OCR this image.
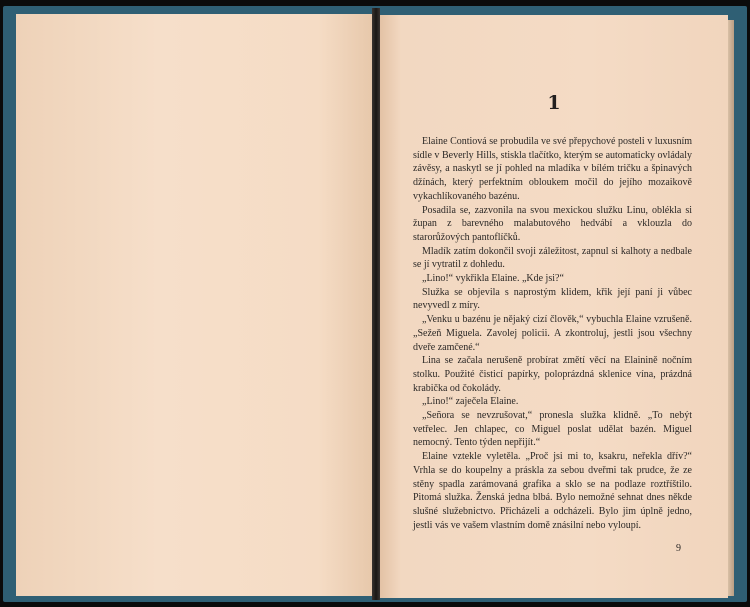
1

Elaine Contiová se probudila ve své přepychové posteli v luxusním sídle v Beverly Hills, stiskla tlačítko, kterým se automaticky ovládaly závěsy, a naskytl se jí pohled na mladíka v bílém tričku a špinavých džínách, který perfektním obloukem močil do jejího mozaikově vykachlíkovaného bazénu.

Posadila se, zazvonila na svou mexickou služku Linu, oblékla si župan z barevného malabutového hedvábí a vklouzla do starorůžových pantoflíčků.

Mladík zatím dokončil svoji záležitost, zapnul si kalhoty a nedbale se jí vytratil z dohledu.

„Lino!“ vykřikla Elaine. „Kde jsi?“

Služka se objevila s naprostým klidem, křik její paní ji vůbec nevyvedl z míry.

„Venku u bazénu je nějaký cizí člověk,“ vybuchla Elaine vzrušeně. „Sežeň Miguela. Zavolej policii. A zkontroluj, jestli jsou všechny dveře zamčené.“

Lina se začala nerušeně probírat změtí věcí na Elainině nočním stolku. Použité čisticí papírky, poloprázdná sklenice vína, prázdná krabička od čokolády.

„Lino!“ zaječela Elaine.

„Señora se nevzrušovat,“ pronesla služka klidně. „To nebýt vetřelec. Jen chlapec, co Miguel poslat udělat bazén. Miguel nemocný. Tento týden nepřijít.“

Elaine vztekle vyletěla. „Proč jsi mi to, ksakru, neřekla dřív?“ Vrhla se do koupelny a práskla za sebou dveřmi tak prudce, že ze stěny spadla zarámovaná grafika a sklo se na podlaze roztříštilo. Pitomá služka. Ženská jedna blbá. Bylo nemožné sehnat dnes někde slušné služebnictvo. Přicházeli a odcházeli. Bylo jim úplně jedno, jestli vás ve vašem vlastním domě znásilní nebo vyloupí.

9
